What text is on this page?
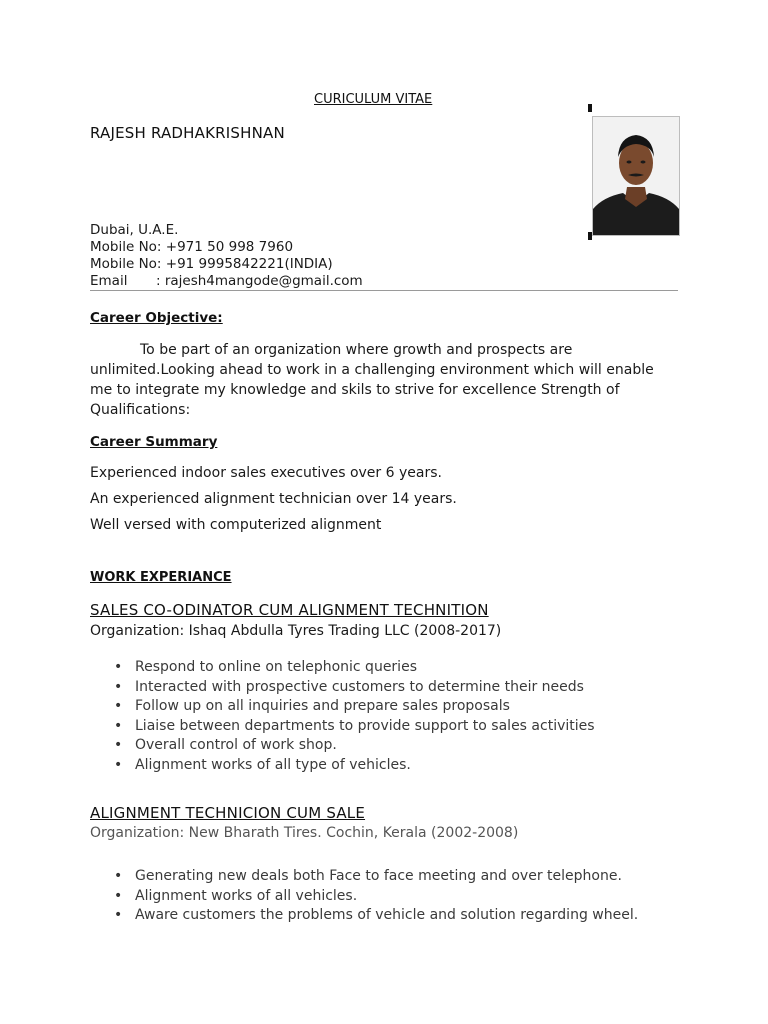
CURICULUM VITAE
RAJESH RADHAKRISHNAN
Dubai, U.A.E.
Mobile No: +971 50 998 7960
Mobile No: +91 9995842221(INDIA)
Email : rajesh4mangode@gmail.com
Career Objective:
To be part of an organization where growth and prospects are unlimited.Looking ahead to work in a challenging environment which will enable me to integrate my knowledge and skils to strive for excellence Strength of Qualifications:
Career Summary
Experienced indoor sales executives over 6 years.
An experienced alignment technician over 14 years.
Well versed with computerized alignment
WORK EXPERIANCE
SALES CO-ODINATOR CUM ALIGNMENT TECHNITION
Organization: Ishaq Abdulla Tyres Trading LLC (2008-2017)
• Respond to online on telephonic queries
• Interacted with prospective customers to determine their needs
• Follow up on all inquiries and prepare sales proposals
• Liaise between departments to provide support to sales activities
• Overall control of work shop.
• Alignment works of all type of vehicles.
ALIGNMENT TECHNICION CUM SALE
Organization: New Bharath Tires. Cochin, Kerala (2002-2008)
• Generating new deals both Face to face meeting and over telephone.
• Alignment works of all vehicles.
• Aware customers the problems of vehicle and solution regarding wheel.
